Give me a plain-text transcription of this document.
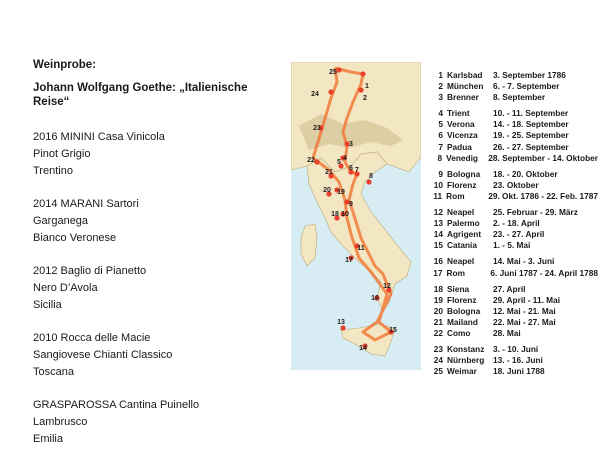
Weinprobe:
Johann Wolfgang Goethe: „Italienische Reise“
2016 MININI Casa Vinicola
Pinot Grigio
Trentino
2014 MARANI Sartori
Garganega
Bianco Veronese
2012 Baglio di Pianetto
Nero D’Avola
Sicilia
2010 Rocca delle Macie
Sangiovese Chianti Classico
Toscana
GRASPAROSSA Cantina Puinello
Lambrusco
Emilia
25
1
24
2
23
3
22	5
6
4
7
21
8
20 19
9
18 10
11
17
16
12
13
15
14
1 Karlsbad	3. September 1786
2 München	6. - 7. September
3 Brenner	8. September
4 Trient	10. - 11. September
5 Verona	14. - 18. September
6 Vicenza	19. - 25. September
7 Padua	26. - 27. September
8 Venedig	28. September - 14. Oktober
9 Bologna	18. - 20. Oktober
10 Florenz	23. Oktober
11 Rom	29. Okt. 1786 - 22. Feb. 1787
12 Neapel	25. Februar - 29. März
13 Palermo	2. - 18. April
14 Agrigent	23. - 27. April
15 Catania	1. - 5. Mai
16 Neapel	14. Mai - 3. Juni
17 Rom	6. Juni 1787 - 24. April 1788
18 Siena	27. April
19 Florenz	29. April - 11. Mai
20 Bologna	12. Mai - 21. Mai
21 Mailand	22. Mai - 27. Mai
22 Como	28. Mai
23 Konstanz	3. - 10. Juni
24 Nürnberg	13. - 16. Juni
25 Weimar	18. Juni 1788
